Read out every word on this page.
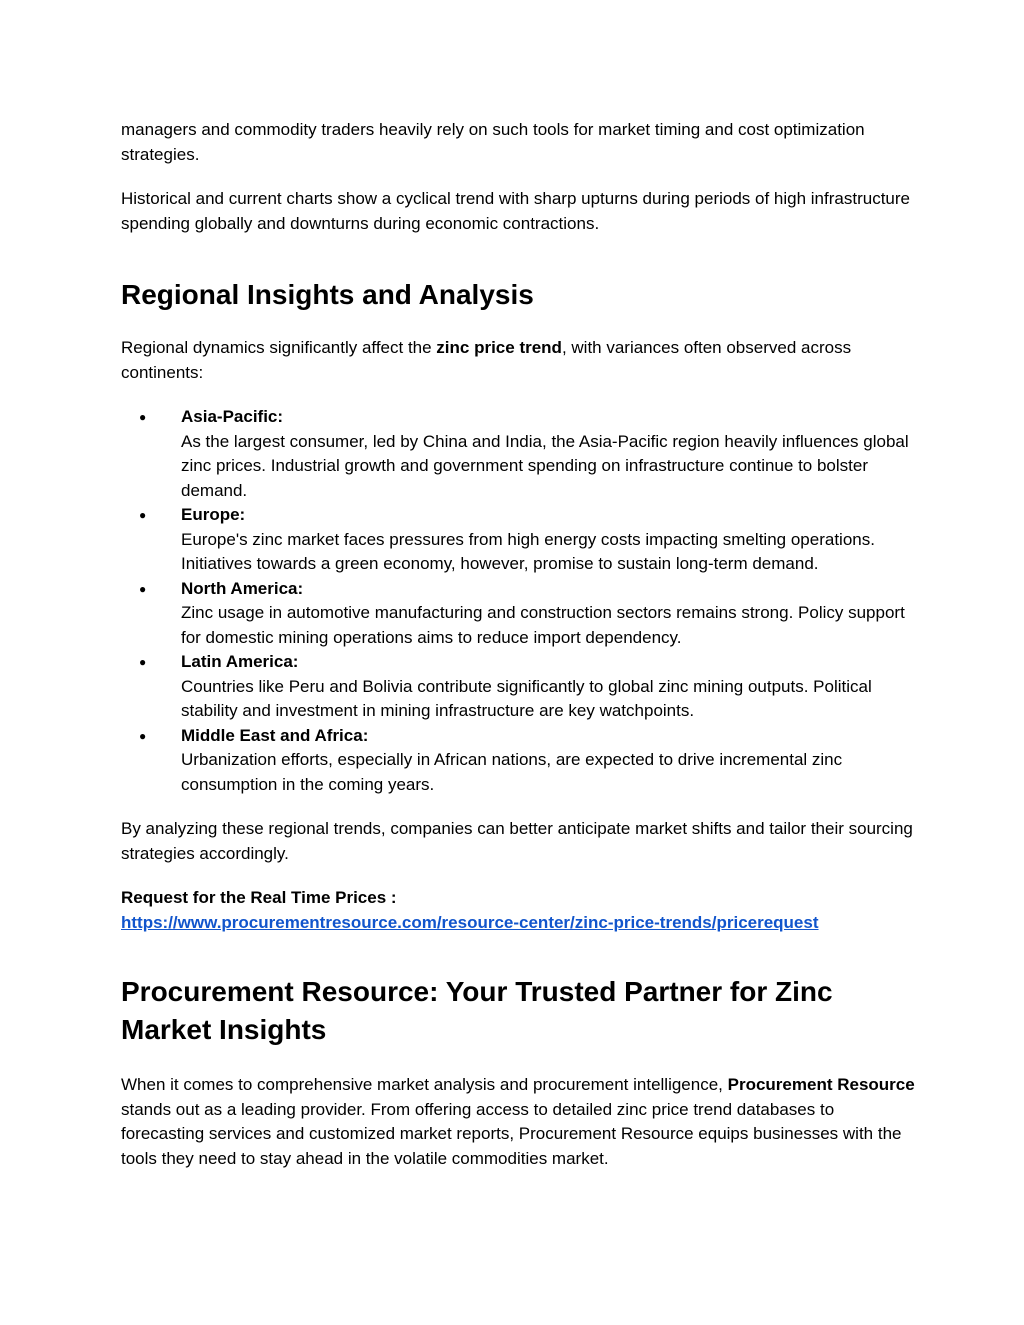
managers and commodity traders heavily rely on such tools for market timing and cost optimization strategies.

Historical and current charts show a cyclical trend with sharp upturns during periods of high infrastructure spending globally and downturns during economic contractions.

Regional Insights and Analysis

Regional dynamics significantly affect the zinc price trend, with variances often observed across continents:

● Asia-Pacific:
As the largest consumer, led by China and India, the Asia-Pacific region heavily influences global zinc prices. Industrial growth and government spending on infrastructure continue to bolster demand.
● Europe:
Europe's zinc market faces pressures from high energy costs impacting smelting operations. Initiatives towards a green economy, however, promise to sustain long-term demand.
● North America:
Zinc usage in automotive manufacturing and construction sectors remains strong. Policy support for domestic mining operations aims to reduce import dependency.
● Latin America:
Countries like Peru and Bolivia contribute significantly to global zinc mining outputs. Political stability and investment in mining infrastructure are key watchpoints.
● Middle East and Africa:
Urbanization efforts, especially in African nations, are expected to drive incremental zinc consumption in the coming years.

By analyzing these regional trends, companies can better anticipate market shifts and tailor their sourcing strategies accordingly.

Request for the Real Time Prices :
https://www.procurementresource.com/resource-center/zinc-price-trends/pricerequest
Procurement Resource: Your Trusted Partner for Zinc Market Insights

When it comes to comprehensive market analysis and procurement intelligence, Procurement Resource stands out as a leading provider. From offering access to detailed zinc price trend databases to forecasting services and customized market reports, Procurement Resource equips businesses with the tools they need to stay ahead in the volatile commodities market.
